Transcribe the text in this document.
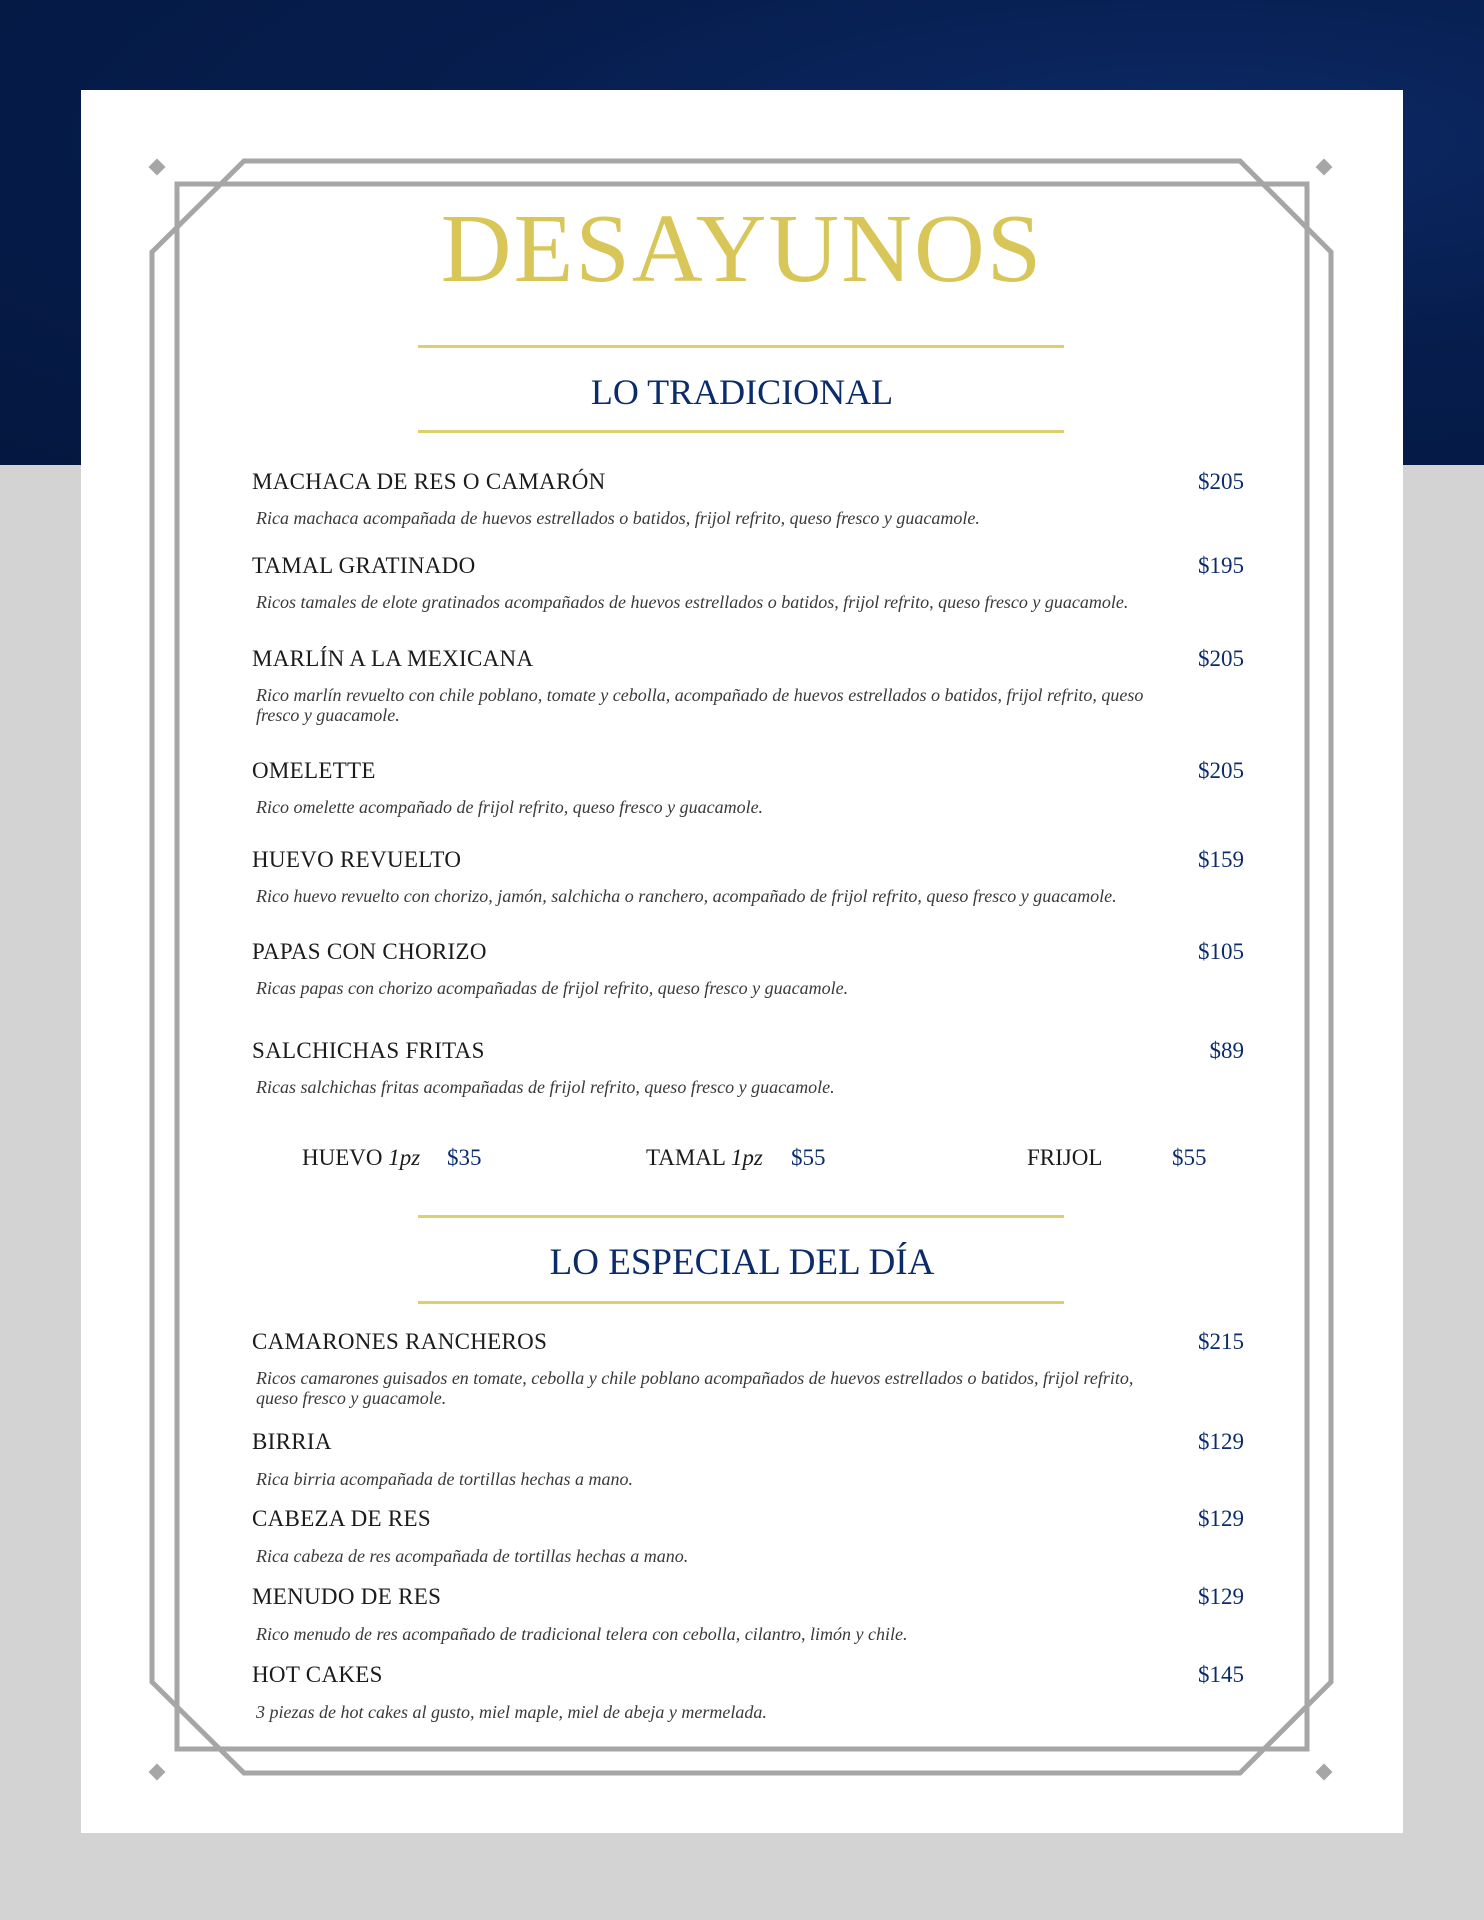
DESAYUNOS
LO TRADICIONAL
MACHACA DE RES O CAMARÓN	$205
Rica machaca acompañada de huevos estrellados o batidos, frijol refrito, queso fresco y guacamole.
TAMAL GRATINADO	$195
Ricos tamales de elote gratinados acompañados de huevos estrellados o batidos, frijol refrito, queso fresco y guacamole.
MARLÍN A LA MEXICANA	$205
Rico marlín revuelto con chile poblano, tomate y cebolla, acompañado de huevos estrellados o batidos, frijol refrito, queso fresco y guacamole.
OMELETTE	$205
Rico omelette acompañado de frijol refrito, queso fresco y guacamole.
HUEVO REVUELTO	$159
Rico huevo revuelto con chorizo, jamón, salchicha o ranchero, acompañado de frijol refrito, queso fresco y guacamole.
PAPAS CON CHORIZO	$105
Ricas papas con chorizo acompañadas de frijol refrito, queso fresco y guacamole.
SALCHICHAS FRITAS	$89
Ricas salchichas fritas acompañadas de frijol refrito, queso fresco y guacamole.
HUEVO 1pz $35	TAMAL 1pz $55	FRIJOL	$55
LO ESPECIAL DEL DÍA
CAMARONES RANCHEROS	$215
Ricos camarones guisados en tomate, cebolla y chile poblano acompañados de huevos estrellados o batidos, frijol refrito, queso fresco y guacamole.
BIRRIA	$129
Rica birria acompañada de tortillas hechas a mano.
CABEZA DE RES	$129
Rica cabeza de res acompañada de tortillas hechas a mano.
MENUDO DE RES	$129
Rico menudo de res acompañado de tradicional telera con cebolla, cilantro, limón y chile.
HOT CAKES	$145
3 piezas de hot cakes al gusto, miel maple, miel de abeja y mermelada.
